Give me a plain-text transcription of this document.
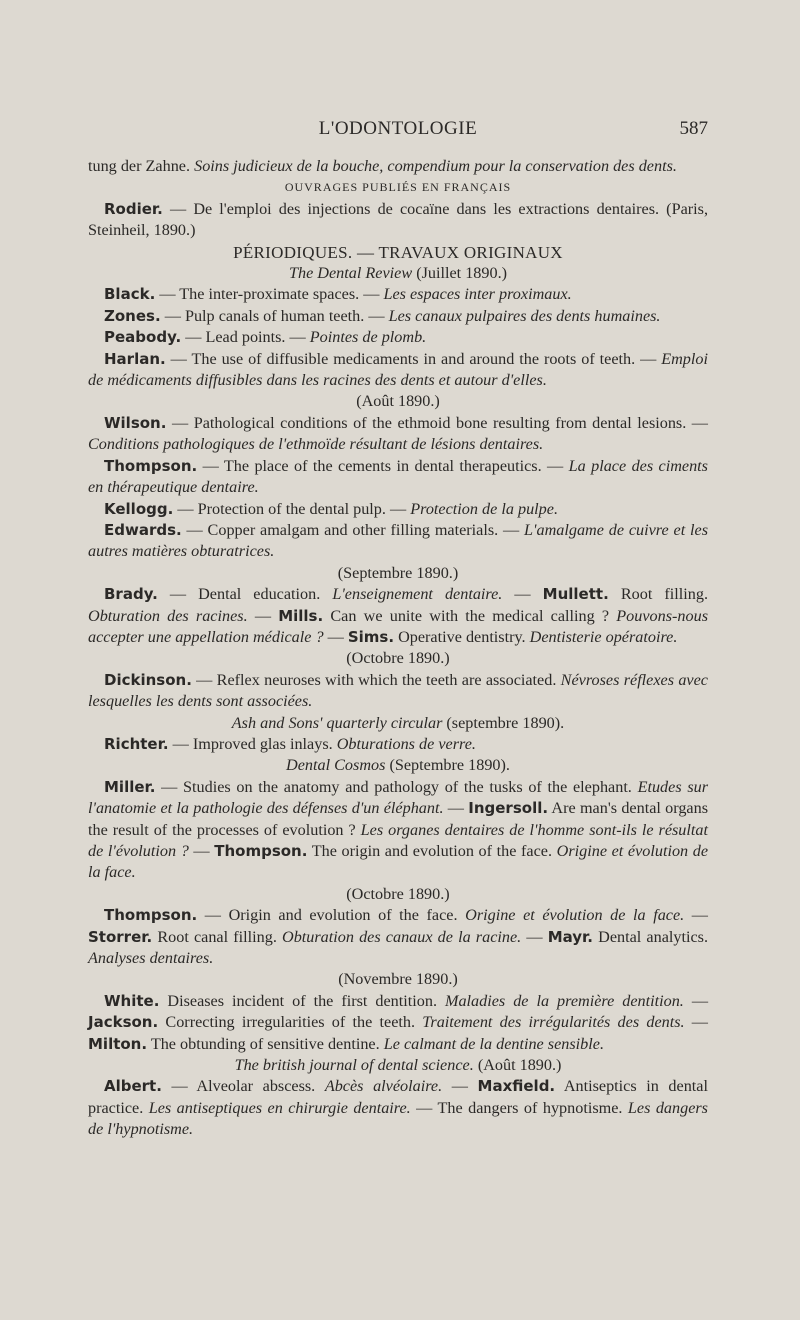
L'ODONTOLOGIE	587

tung der Zahne. Soins judicieux de la bouche, compendium pour la conservation des dents.

OUVRAGES PUBLIÉS EN FRANÇAIS

Rodier. — De l'emploi des injections de cocaïne dans les extractions dentaires. (Paris, Steinheil, 1890.)

PÉRIODIQUES. — TRAVAUX ORIGINAUX

The Dental Review (Juillet 1890.)

Black. — The inter-proximate spaces. — Les espaces inter proximaux.

Zones. — Pulp canals of human teeth. — Les canaux pulpaires des dents humaines.

Peabody. — Lead points. — Pointes de plomb.

Harlan. — The use of diffusible medicaments in and around the roots of teeth. — Emploi de médicaments diffusibles dans les racines des dents et autour d'elles.

(Août 1890.)

Wilson. — Pathological conditions of the ethmoid bone resulting from dental lesions. — Conditions pathologiques de l'ethmoïde résultant de lésions dentaires.

Thompson. — The place of the cements in dental therapeutics. — La place des ciments en thérapeutique dentaire.

Kellogg. — Protection of the dental pulp. — Protection de la pulpe.

Edwards. — Copper amalgam and other filling materials. — L'amalgame de cuivre et les autres matières obturatrices.

(Septembre 1890.)

Brady. — Dental education. L'enseignement dentaire. — Mullett. Root filling. Obturation des racines. — Mills. Can we unite with the medical calling ? Pouvons-nous accepter une appellation médicale ? — Sims. Operative dentistry. Dentisterie opératoire.

(Octobre 1890.)

Dickinson. — Reflex neuroses with which the teeth are associated. Névroses réflexes avec lesquelles les dents sont associées.

Ash and Sons' quarterly circular (septembre 1890).

Richter. — Improved glas inlays. Obturations de verre.

Dental Cosmos (Septembre 1890).

Miller. — Studies on the anatomy and pathology of the tusks of the elephant. Etudes sur l'anatomie et la pathologie des défenses d'un éléphant. — Ingersoll. Are man's dental organs the result of the processes of evolution ? Les organes dentaires de l'homme sont-ils le résultat de l'évolution ? — Thompson. The origin and evolution of the face. Origine et évolution de la face.

(Octobre 1890.)

Thompson. — Origin and evolution of the face. Origine et évolution de la face. — Storrer. Root canal filling. Obturation des canaux de la racine. — Mayr. Dental analytics. Analyses dentaires.

(Novembre 1890.)

White. Diseases incident of the first dentition. Maladies de la première dentition. — Jackson. Correcting irregularities of the teeth. Traitement des irrégularités des dents. — Milton. The obtunding of sensitive dentine. Le calmant de la dentine sensible.

The british journal of dental science. (Août 1890.)

Albert. — Alveolar abscess. Abcès alvéolaire. — Maxfield. Antiseptics in dental practice. Les antiseptiques en chirurgie dentaire. — The dangers of hypnotisme. Les dangers de l'hypnotisme.
